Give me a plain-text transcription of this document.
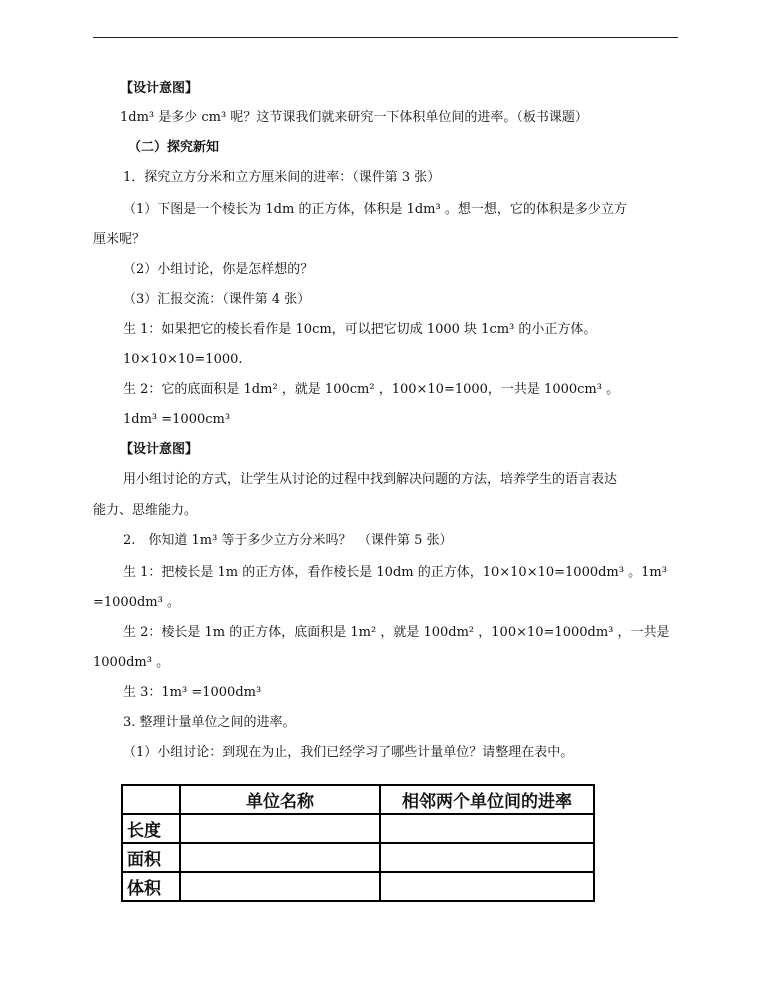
【设计意图】
1dm³ 是多少 cm³ 呢？这节课我们就来研究一下体积单位间的进率。（板书课题）
（二）探究新知
1．探究立方分米和立方厘米间的进率：（课件第 3 张）
（1）下图是一个棱长为 1dm 的正方体，体积是 1dm³ 。想一想，它的体积是多少立方
厘米呢？
（2）小组讨论，你是怎样想的？
（3）汇报交流：（课件第 4 张）
生 1：如果把它的棱长看作是 10cm，可以把它切成 1000 块 1cm³ 的小正方体。
10×10×10=1000.
生 2：它的底面积是 1dm² ，就是 100cm² ，100×10=1000，一共是 1000cm³ 。
1dm³ =1000cm³
【设计意图】
用小组讨论的方式，让学生从讨论的过程中找到解决问题的方法，培养学生的语言表达
能力、思维能力。
2.　你知道 1m³ 等于多少立方分米吗？　（课件第 5 张）
生 1：把棱长是 1m 的正方体，看作棱长是 10dm 的正方体，10×10×10=1000dm³ 。1m³
=1000dm³ 。
生 2：棱长是 1m 的正方体，底面积是 1m² ，就是 100dm² ，100×10=1000dm³ ，一共是
1000dm³ 。
生 3：1m³ =1000dm³
3. 整理计量单位之间的进率。
（1）小组讨论：到现在为止，我们已经学习了哪些计量单位？请整理在表中。
	单位名称	相邻两个单位间的进率
长度		
面积		
体积		
